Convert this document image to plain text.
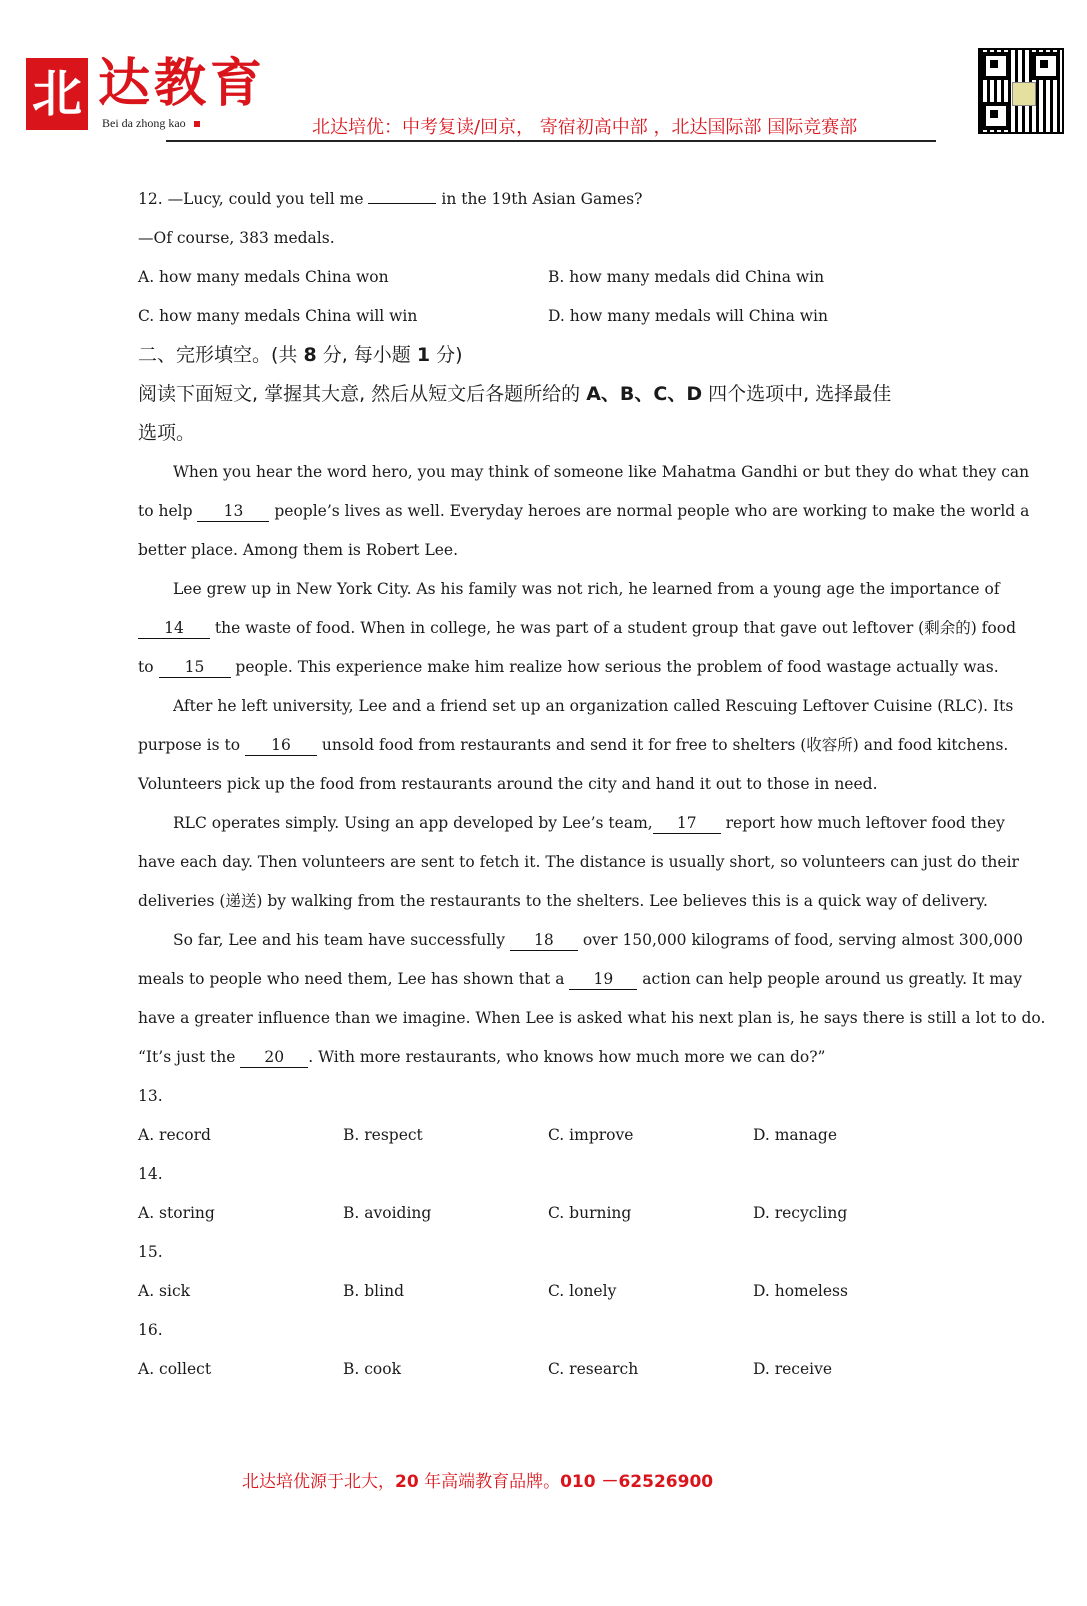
北 达教育
Bei da zhong kao	北达培优：中考复读/回京， 寄宿初高中部 ，北达国际部 国际竞赛部
12. —Lucy, could you tell me	in the 19th Asian Games?
—Of course, 383 medals.
A. how many medals China won	B. how many medals did China win
C. how many medals China will win	D. how many medals will China win
二、完形填空。(共 8 分, 每小题 1 分)
阅读下面短文, 掌握其大意, 然后从短文后各题所给的 A、B、C、D 四个选项中, 选择最佳
选项。
When you hear the word hero, you may think of someone like Mahatma Gandhi or but they do what they can
to help 13 people’s lives as well. Everyday heroes are normal people who are working to make the world a
better place. Among them is Robert Lee.
Lee grew up in New York City. As his family was not rich, he learned from a young age the importance of
14 the waste of food. When in college, he was part of a student group that gave out leftover (剩余的) food
to 15 people. This experience make him realize how serious the problem of food wastage actually was.
After he left university, Lee and a friend set up an organization called Rescuing Leftover Cuisine (RLC). Its
purpose is to 16 unsold food from restaurants and send it for free to shelters (收容所) and food kitchens.
Volunteers pick up the food from restaurants around the city and hand it out to those in need.
RLC operates simply. Using an app developed by Lee’s team, 17 report how much leftover food they
have each day. Then volunteers are sent to fetch it. The distance is usually short, so volunteers can just do their
deliveries (递送) by walking from the restaurants to the shelters. Lee believes this is a quick way of delivery.
So far, Lee and his team have successfully 18 over 150,000 kilograms of food, serving almost 300,000
meals to people who need them, Lee has shown that a 19 action can help people around us greatly. It may
have a greater influence than we imagine. When Lee is asked what his next plan is, he says there is still a lot to do.
“It’s just the 20 . With more restaurants, who knows how much more we can do?”
13.
A. record	B. respect	C. improve	D. manage
14.
A. storing	B. avoiding	C. burning	D. recycling
15.
A. sick	B. blind	C. lonely	D. homeless
16.
A. collect	B. cook	C. research	D. receive
北达培优源于北大，20 年高端教育品牌。010 －62526900
